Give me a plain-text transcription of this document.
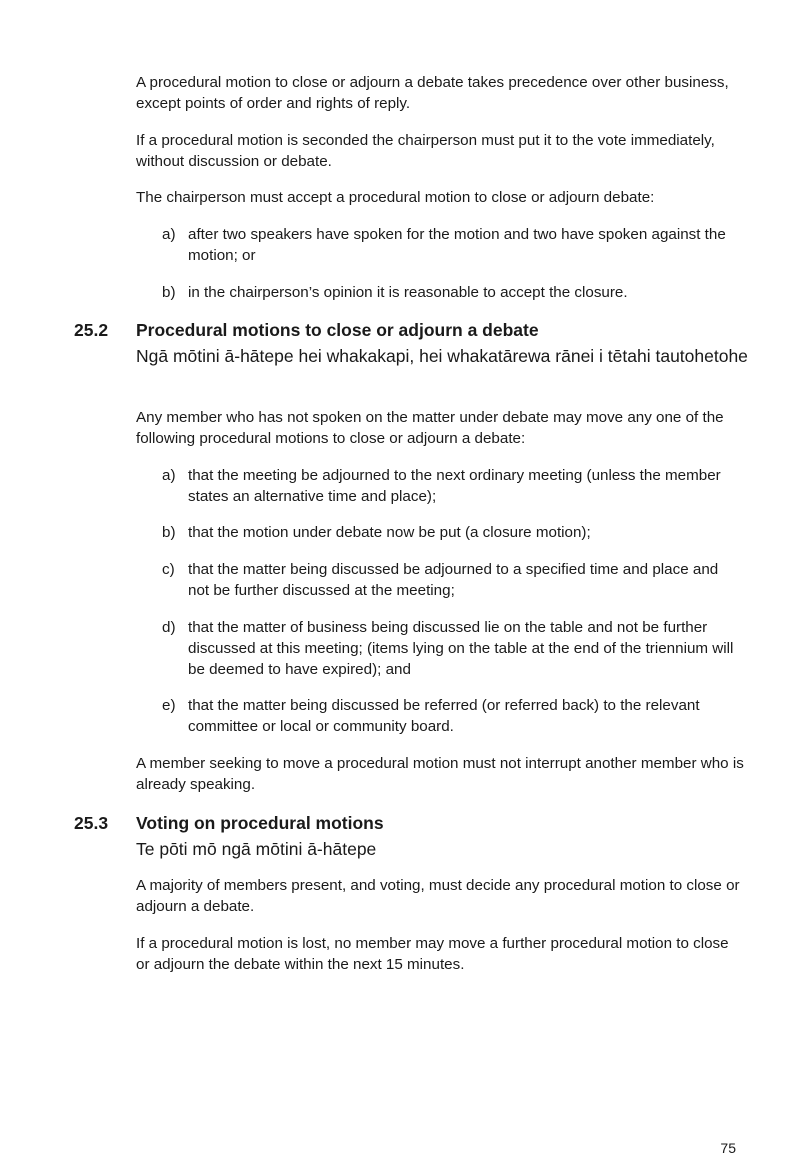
A procedural motion to close or adjourn a debate takes precedence over other business, except points of order and rights of reply.

If a procedural motion is seconded the chairperson must put it to the vote immediately, without discussion or debate.

The chairperson must accept a procedural motion to close or adjourn debate:

a) after two speakers have spoken for the motion and two have spoken against the motion; or
b) in the chairperson’s opinion it is reasonable to accept the closure.
25.2 Procedural motions to close or adjourn a debate
Ngā mōtini ā-hātepe hei whakakapi, hei whakatārewa rānei i tētahi tautohetohe

Any member who has not spoken on the matter under debate may move any one of the following procedural motions to close or adjourn a debate:

a) that the meeting be adjourned to the next ordinary meeting (unless the member states an alternative time and place);
b) that the motion under debate now be put (a closure motion);
c) that the matter being discussed be adjourned to a specified time and place and not be further discussed at the meeting;
d) that the matter of business being discussed lie on the table and not be further discussed at this meeting; (items lying on the table at the end of the triennium will be deemed to have expired); and
e) that the matter being discussed be referred (or referred back) to the relevant committee or local or community board.

A member seeking to move a procedural motion must not interrupt another member who is already speaking.

25.3 Voting on procedural motions
Te pōti mō ngā mōtini ā-hātepe

A majority of members present, and voting, must decide any procedural motion to close or adjourn a debate.

If a procedural motion is lost, no member may move a further procedural motion to close or adjourn the debate within the next 15 minutes.

75
